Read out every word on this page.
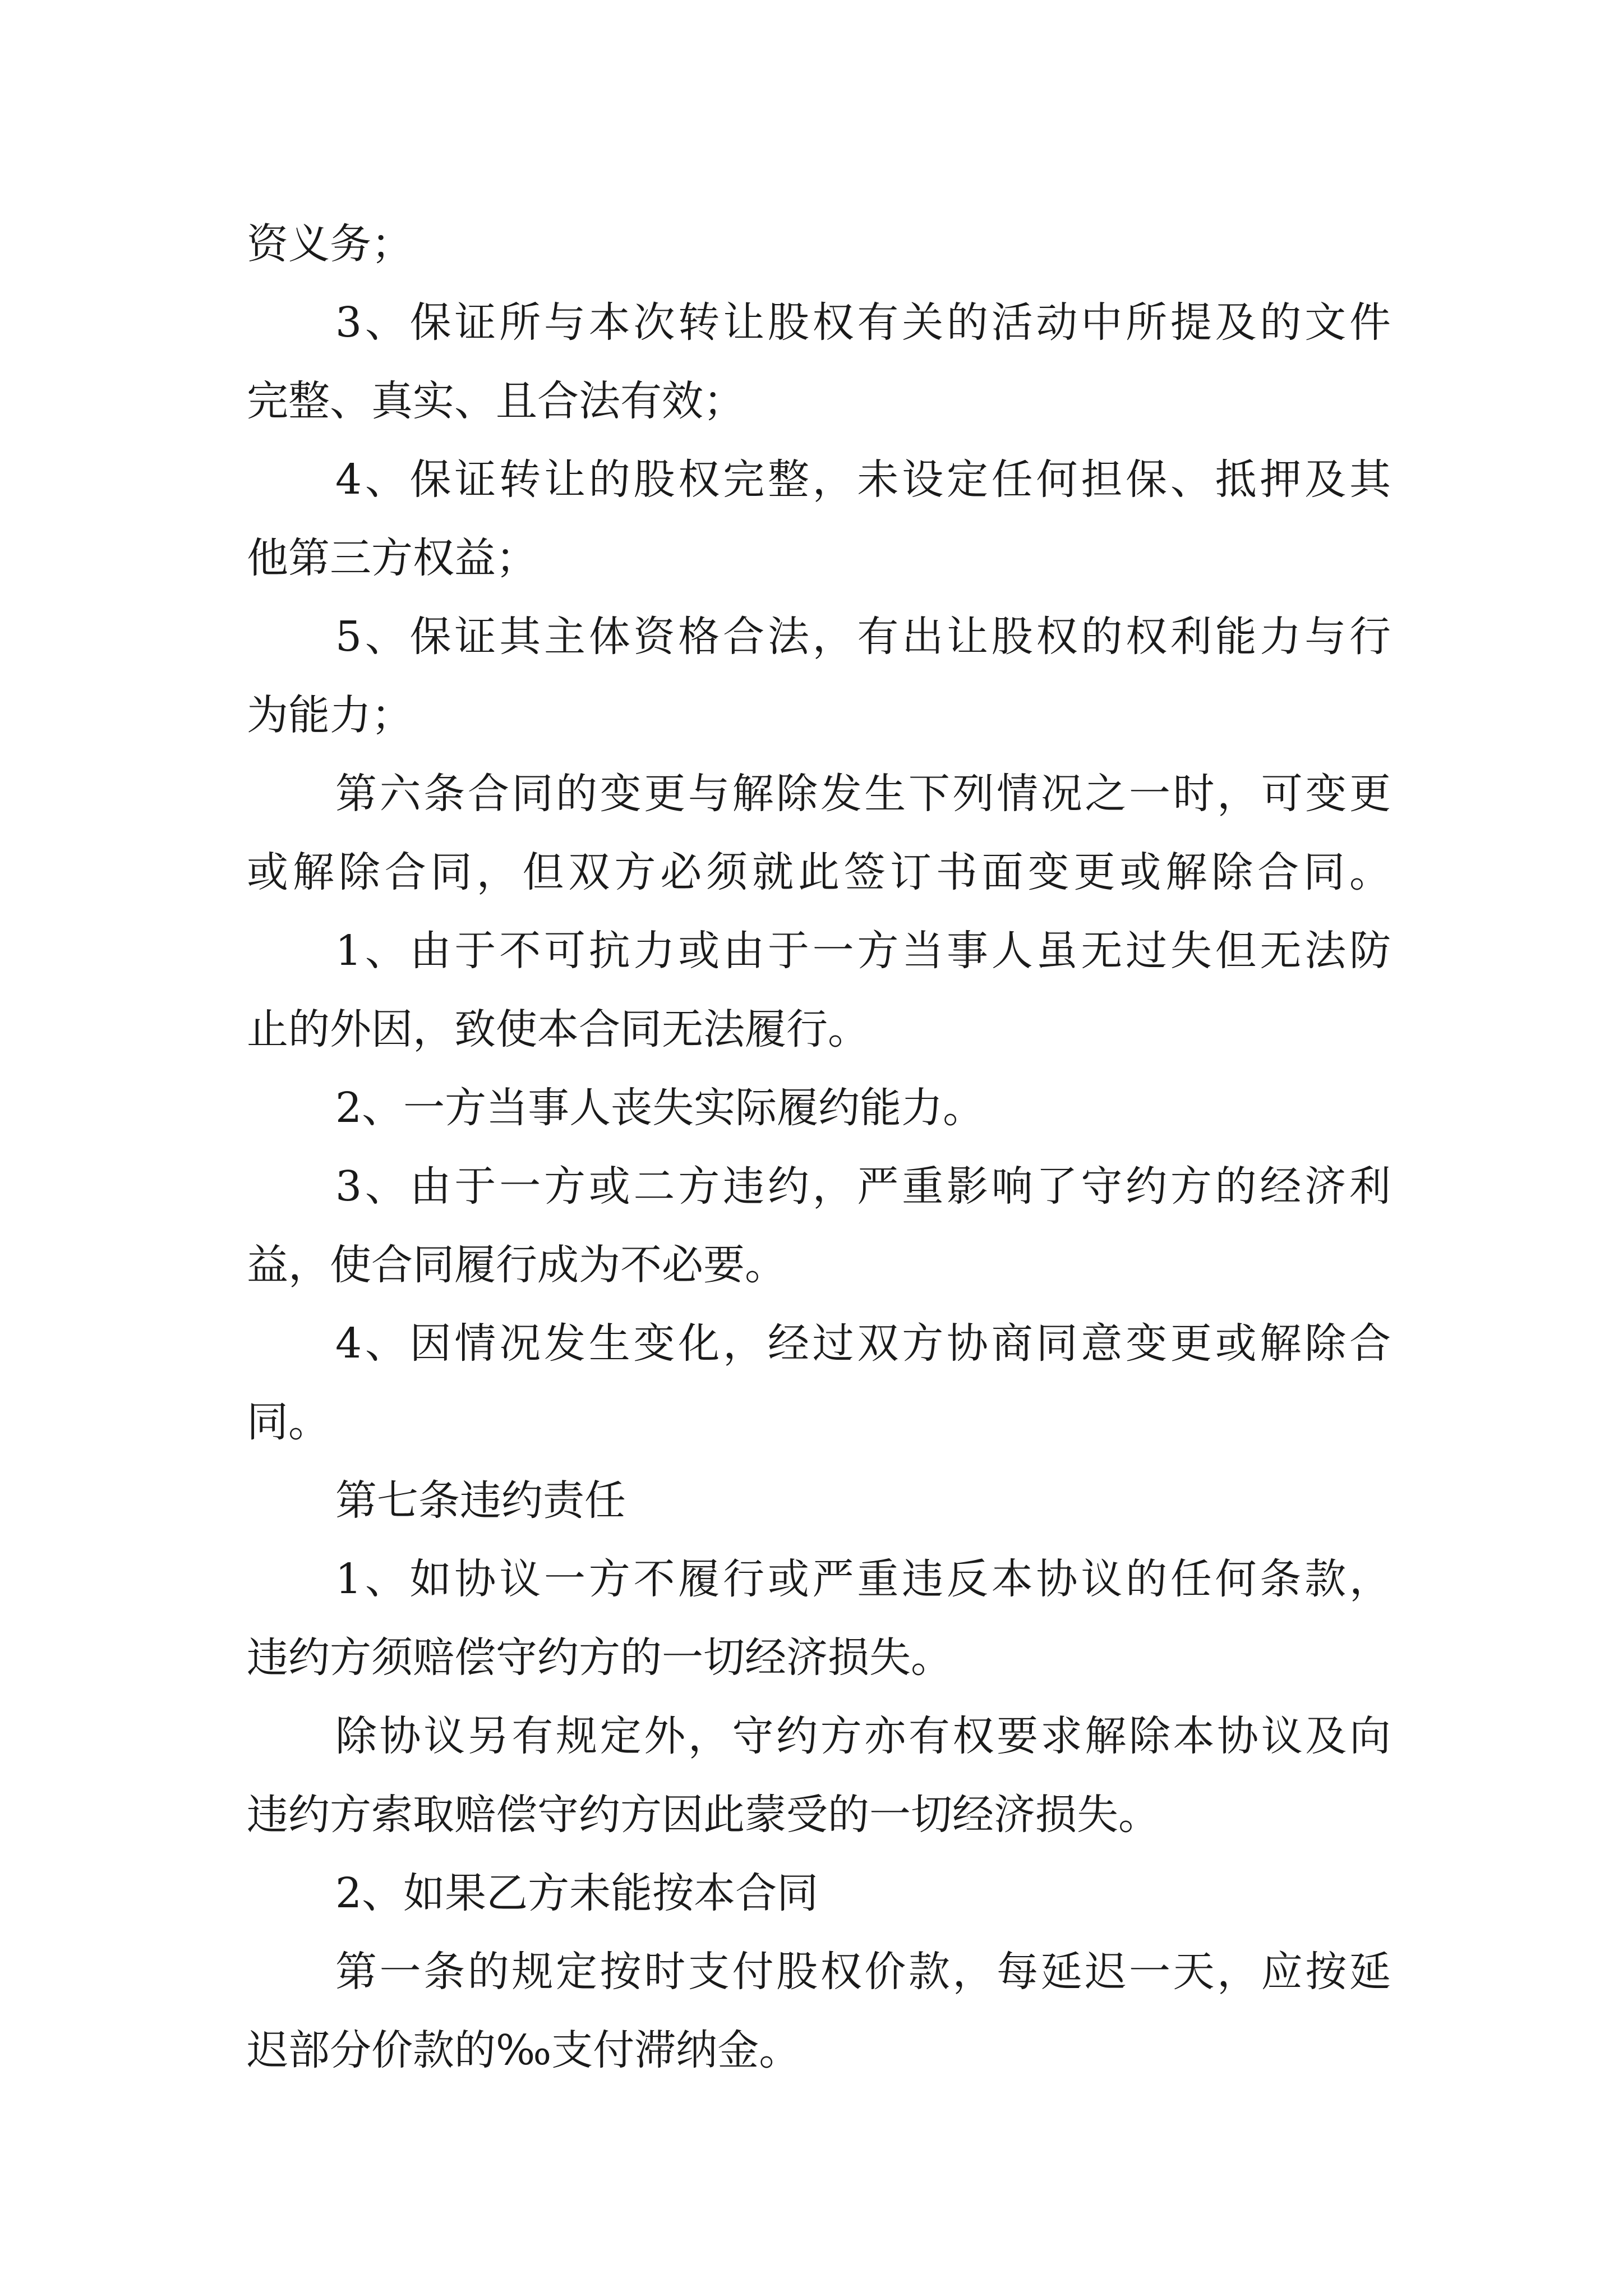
资义务；
3、保证所与本次转让股权有关的活动中所提及的文件
完整、真实、且合法有效；
4、保证转让的股权完整，未设定任何担保、抵押及其
他第三方权益；
5、保证其主体资格合法，有出让股权的权利能力与行
为能力；
第六条合同的变更与解除发生下列情况之一时，可变更
或解除合同，但双方必须就此签订书面变更或解除合同。
1、由于不可抗力或由于一方当事人虽无过失但无法防
止的外因，致使本合同无法履行。
2、一方当事人丧失实际履约能力。
3、由于一方或二方违约，严重影响了守约方的经济利
益，使合同履行成为不必要。
4、因情况发生变化，经过双方协商同意变更或解除合
同。
第七条违约责任
1、如协议一方不履行或严重违反本协议的任何条款，
违约方须赔偿守约方的一切经济损失。
除协议另有规定外，守约方亦有权要求解除本协议及向
违约方索取赔偿守约方因此蒙受的一切经济损失。
2、如果乙方未能按本合同
第一条的规定按时支付股权价款，每延迟一天，应按延
迟部分价款的‰支付滞纳金。
